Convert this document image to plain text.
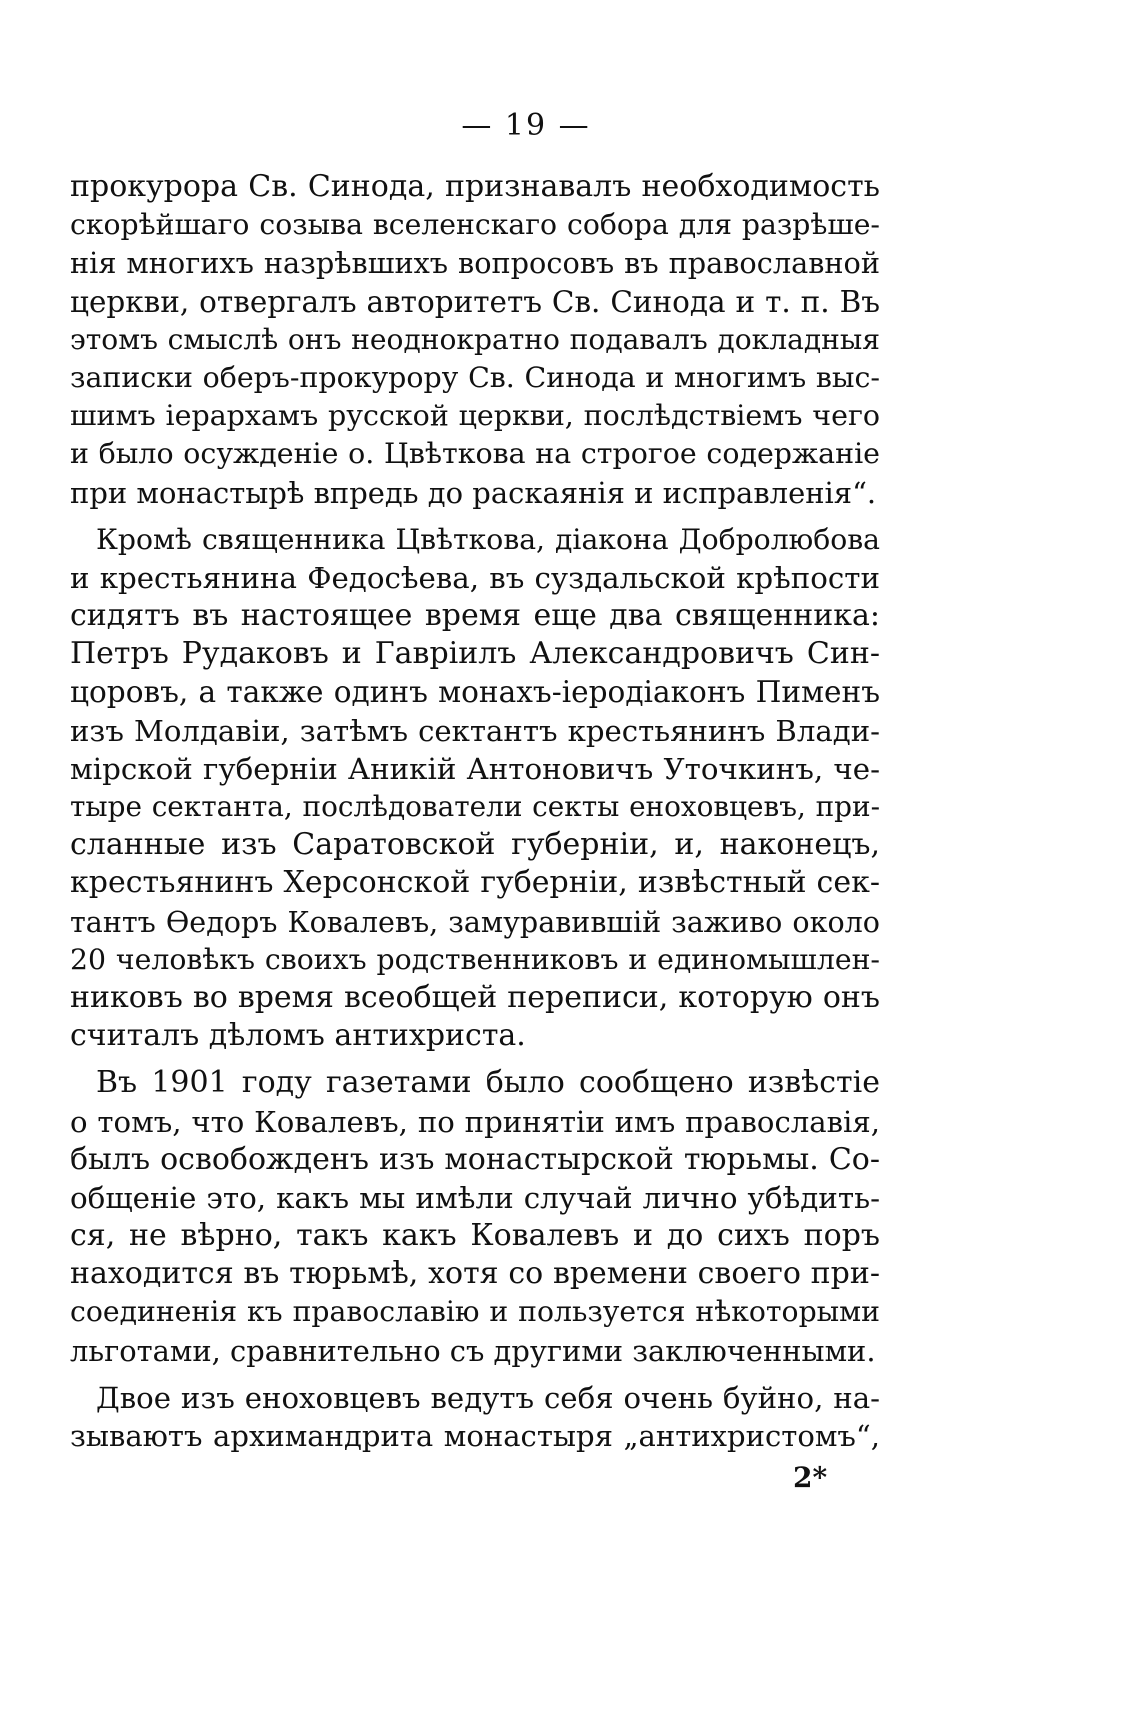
— 19 —

прокурора Св. Синода, признавалъ необходимость
скорѣйшаго созыва вселенскаго собора для разрѣше-
нія многихъ назрѣвшихъ вопросовъ въ православной
церкви, отвергалъ авторитетъ Св. Синода и т. п. Въ
этомъ смыслѣ онъ неоднократно подавалъ докладныя
записки оберъ-прокурору Св. Синода и многимъ выс-
шимъ іерархамъ русской церкви, послѣдствіемъ чего
и было осужденіе о. Цвѣткова на строгое содержаніе
при монастырѣ впредь до раскаянія и исправленія“.

Кромѣ священника Цвѣткова, діакона Добролюбова
и крестьянина Федосѣева, въ суздальской крѣпости
сидятъ въ настоящее время еще два священника:
Петръ Рудаковъ и Гавріилъ Александровичъ Син-
цоровъ, а также одинъ монахъ-іеродіаконъ Пименъ
изъ Молдавіи, затѣмъ сектантъ крестьянинъ Влади-
мірской губерніи Аникій Антоновичъ Уточкинъ, че-
тыре сектанта, послѣдователи секты еноховцевъ, при-
сланные изъ Саратовской губерніи, и, наконецъ,
крестьянинъ Херсонской губерніи, извѣстный сек-
тантъ Ѳедоръ Ковалевъ, замуравившій заживо около
20 человѣкъ своихъ родственниковъ и единомышлен-
никовъ во время всеобщей переписи, которую онъ
считалъ дѣломъ антихриста.

Въ 1901 году газетами было сообщено извѣстіе
о томъ, что Ковалевъ, по принятіи имъ православія,
былъ освобожденъ изъ монастырской тюрьмы. Со-
общеніе это, какъ мы имѣли случай лично убѣдить-
ся, не вѣрно, такъ какъ Ковалевъ и до сихъ поръ
находится въ тюрьмѣ, хотя со времени своего при-
соединенія къ православію и пользуется нѣкоторыми
льготами, сравнительно съ другими заключенными.

Двое изъ еноховцевъ ведутъ себя очень буйно, на-
зываютъ архимандрита монастыря „антихристомъ“,

2*
